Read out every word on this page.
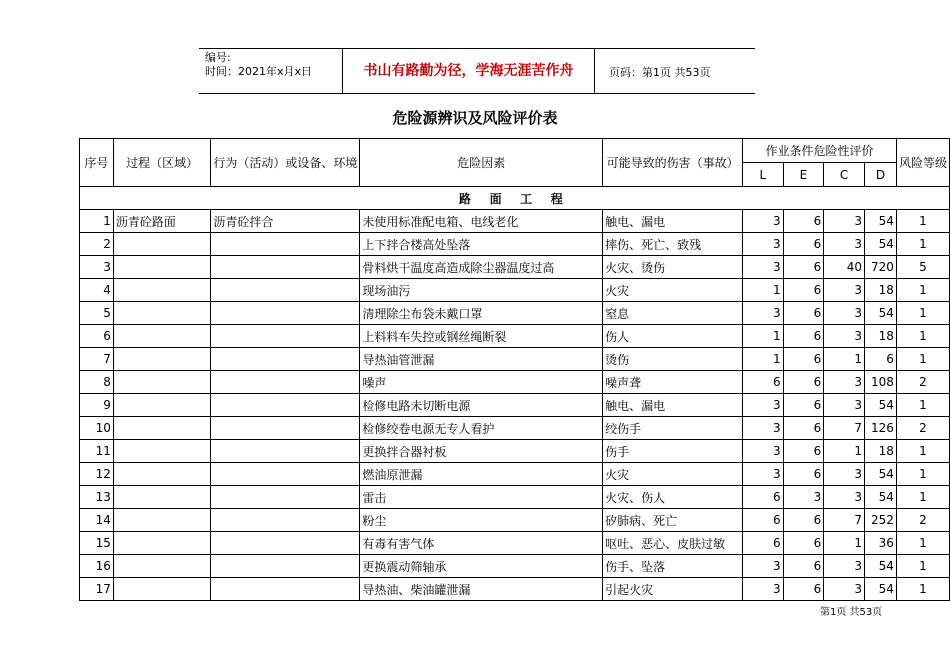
编号:
时间：2021年x月x日	书山有路勤为径，学海无涯苦作舟	页码：第1页 共53页
危险源辨识及风险评价表
序号	过程（区域）	行为（活动）或设备、环境	危险因素	可能导致的伤害（事故）	作业条件危险性评价				风险等级
					L	E	C	D	
路 面 工 程									
1	沥青砼路面	沥青砼拌合	未使用标准配电箱、电线老化	触电、漏电	3	6	3	54	1
2			上下拌合楼高处坠落	摔伤、死亡、致残	3	6	3	54	1
3			骨料烘干温度高造成除尘器温度过高	火灾、烫伤	3	6	40	720	5
4			现场油污	火灾	1	6	3	18	1
5			清理除尘布袋未戴口罩	窒息	3	6	3	54	1
6			上料料车失控或钢丝绳断裂	伤人	1	6	3	18	1
7			导热油管泄漏	烫伤	1	6	1	6	1
8			噪声	噪声聋	6	6	3	108	2
9			检修电路未切断电源	触电、漏电	3	6	3	54	1
10			检修绞卷电源无专人看护	绞伤手	3	6	7	126	2
11			更换拌合器衬板	伤手	3	6	1	18	1
12			燃油原泄漏	火灾	3	6	3	54	1
13			雷击	火灾、伤人	6	3	3	54	1
14			粉尘	矽肺病、死亡	6	6	7	252	2
15			有毒有害气体	呕吐、恶心、皮肤过敏	6	6	1	36	1
16			更换震动筛轴承	伤手、坠落	3	6	3	54	1
17			导热油、柴油罐泄漏	引起火灾	3	6	3	54	1
第1页 共53页
